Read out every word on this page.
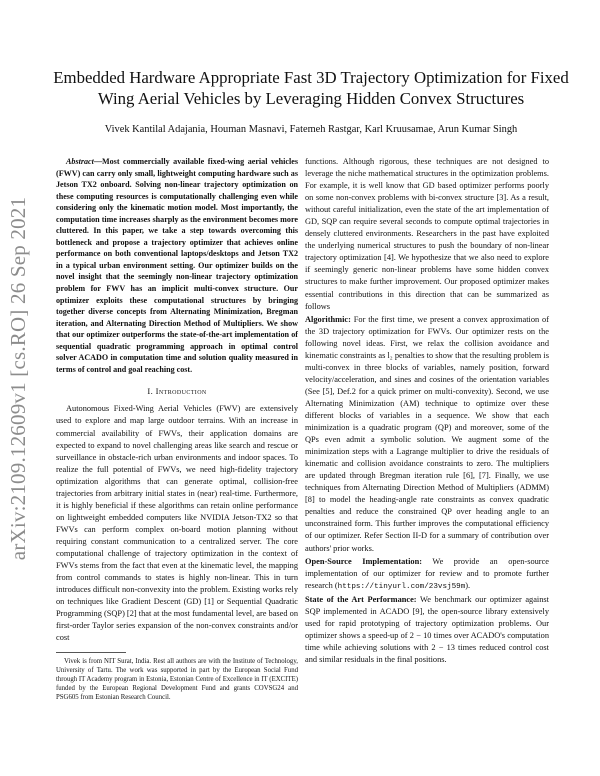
arXiv:2109.12609v1 [cs.RO] 26 Sep 2021
Embedded Hardware Appropriate Fast 3D Trajectory Optimization for Fixed Wing Aerial Vehicles by Leveraging Hidden Convex Structures
Vivek Kantilal Adajania, Houman Masnavi, Fatemeh Rastgar, Karl Kruusamae, Arun Kumar Singh

Abstract—Most commercially available fixed-wing aerial vehicles (FWV) can carry only small, lightweight computing hardware such as Jetson TX2 onboard. Solving non-linear trajectory optimization on these computing resources is computationally challenging even while considering only the kinematic motion model. Most importantly, the computation time increases sharply as the environment becomes more cluttered. In this paper, we take a step towards overcoming this bottleneck and propose a trajectory optimizer that achieves online performance on both conventional laptops/desktops and Jetson TX2 in a typical urban environment setting. Our optimizer builds on the novel insight that the seemingly non-linear trajectory optimization problem for FWV has an implicit multi-convex structure. Our optimizer exploits these computational structures by bringing together diverse concepts from Alternating Minimization, Bregman iteration, and Alternating Direction Method of Multipliers. We show that our optimizer outperforms the state-of-the-art implementation of sequential quadratic programming approach in optimal control solver ACADO in computation time and solution quality measured in terms of control and goal reaching cost.

I. Introduction

Autonomous Fixed-Wing Aerial Vehicles (FWV) are extensively used to explore and map large outdoor terrains. With an increase in commercial availability of FWVs, their application domains are expected to expand to novel challenging areas like search and rescue or surveillance in obstacle-rich urban environments and indoor spaces. To realize the full potential of FWVs, we need high-fidelity trajectory optimization algorithms that can generate optimal, collision-free trajectories from arbitrary initial states in (near) real-time. Furthermore, it is highly beneficial if these algorithms can retain online performance on lightweight embedded computers like NVIDIA Jetson-TX2 so that FWVs can perform complex on-board motion planning without requiring constant communication to a centralized server. The core computational challenge of trajectory optimization in the context of FWVs stems from the fact that even at the kinematic level, the mapping from control commands to states is highly non-linear. This in turn introduces difficult non-convexity into the problem. Existing works rely on techniques like Gradient Descent (GD) [1] or Sequential Quadratic Programming (SQP) [2] that at the most fundamental level, are based on first-order Taylor series expansion of the non-convex constraints and/or cost

Vivek is from NIT Surat, India. Rest all authors are with the Institute of Technology, University of Tartu. The work was supported in part by the European Social Fund through IT Academy program in Estonia, Estonian Centre of Excellence in IT (EXCITE) funded by the European Regional Development Fund and grants COVSG24 and PSG605 from Estonian Research Council.

functions. Although rigorous, these techniques are not designed to leverage the niche mathematical structures in the optimization problems. For example, it is well know that GD based optimizer performs poorly on some non-convex problems with bi-convex structure [3]. As a result, without careful initialization, even the state of the art implementation of GD, SQP can require several seconds to compute optimal trajectories in densely cluttered environments. Researchers in the past have exploited the underlying numerical structures to push the boundary of non-linear trajectory optimization [4]. We hypothesize that we also need to explore if seemingly generic non-linear problems have some hidden convex structures to make further improvement. Our proposed optimizer makes essential contributions in this direction that can be summarized as follows

Algorithmic: For the first time, we present a convex approximation of the 3D trajectory optimization for FWVs. Our optimizer rests on the following novel ideas. First, we relax the collision avoidance and kinematic constraints as l₂ penalties to show that the resulting problem is multi-convex in three blocks of variables, namely position, forward velocity/acceleration, and sines and cosines of the orientation variables (See [5], Def.2 for a quick primer on multi-convexity). Second, we use Alternating Minimization (AM) technique to optimize over these different blocks of variables in a sequence. We show that each minimization is a quadratic program (QP) and moreover, some of the QPs even admit a symbolic solution. We augment some of the minimization steps with a Lagrange multiplier to drive the residuals of kinematic and collision avoidance constraints to zero. The multipliers are updated through Bregman iteration rule [6], [7]. Finally, we use techniques from Alternating Direction Method of Multipliers (ADMM) [8] to model the heading-angle rate constraints as convex quadratic penalties and reduce the constrained QP over heading angle to an unconstrained form. This further improves the computational efficiency of our optimizer. Refer Section II-D for a summary of contribution over authors' prior works.

Open-Source Implementation: We provide an open-source implementation of our optimizer for review and to promote further research (https://tinyurl.com/23vsj59m).

State of the Art Performance: We benchmark our optimizer against SQP implemented in ACADO [9], the open-source library extensively used for rapid prototyping of trajectory optimization problems. Our optimizer shows a speed-up of 2 − 10 times over ACADO's computation time while achieving solutions with 2 − 13 times reduced control cost and similar residuals in the final positions.
